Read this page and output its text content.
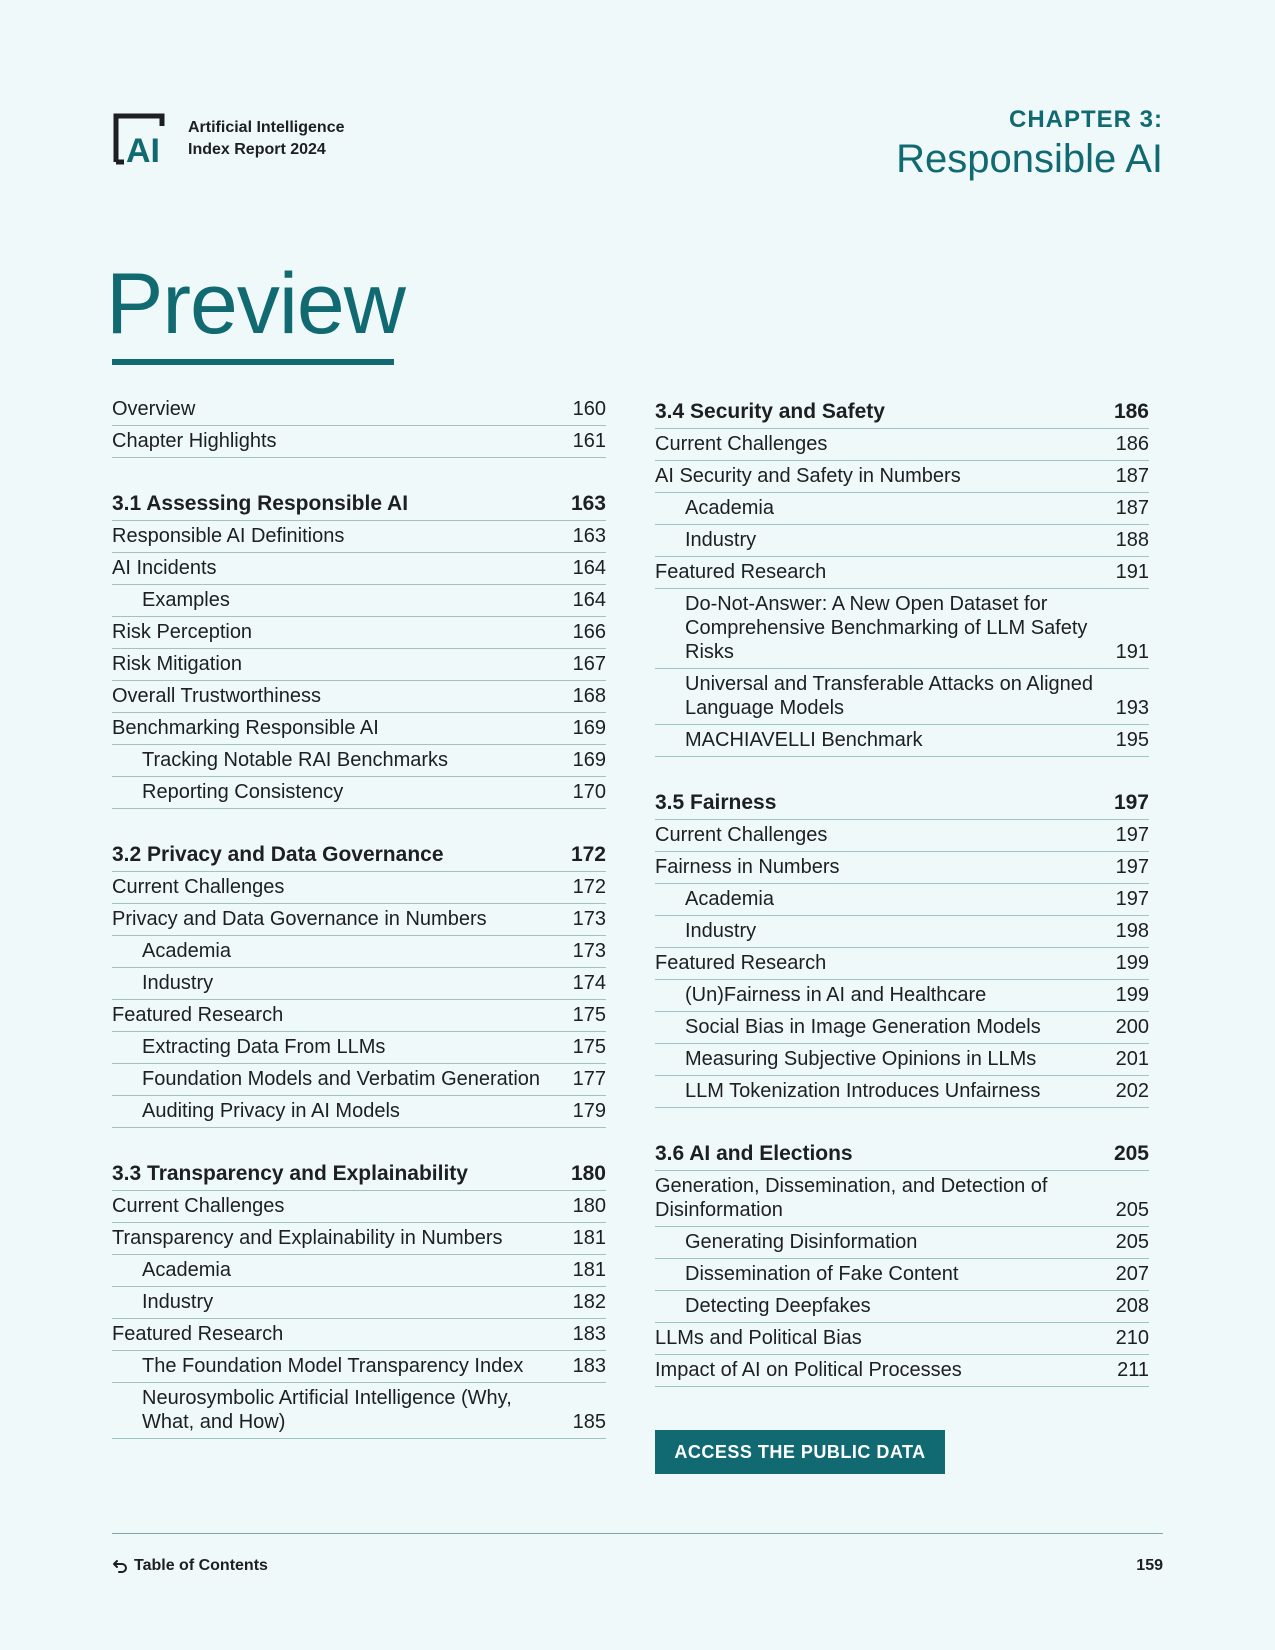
AI
Artificial Intelligence
Index Report 2024
CHAPTER 3:
Responsible AI
Preview
Overview	160
Chapter Highlights	161
3.1 Assessing Responsible AI	163
Responsible AI Definitions	163
AI Incidents	164
Examples	164
Risk Perception	166
Risk Mitigation	167
Overall Trustworthiness	168
Benchmarking Responsible AI	169
Tracking Notable RAI Benchmarks	169
Reporting Consistency	170
3.2 Privacy and Data Governance	172
Current Challenges	172
Privacy and Data Governance in Numbers	173
Academia	173
Industry	174
Featured Research	175
Extracting Data From LLMs	175
Foundation Models and Verbatim Generation	177
Auditing Privacy in AI Models	179
3.3 Transparency and Explainability	180
Current Challenges	180
Transparency and Explainability in Numbers	181
Academia	181
Industry	182
Featured Research	183
The Foundation Model Transparency Index	183
Neurosymbolic Artificial Intelligence (Why, What, and How)	185
3.4 Security and Safety	186
Current Challenges	186
AI Security and Safety in Numbers	187
Academia	187
Industry	188
Featured Research	191
Do-Not-Answer: A New Open Dataset for Comprehensive Benchmarking of LLM Safety Risks	191
Universal and Transferable Attacks on Aligned Language Models	193
MACHIAVELLI Benchmark	195
3.5 Fairness	197
Current Challenges	197
Fairness in Numbers	197
Academia	197
Industry	198
Featured Research	199
(Un)Fairness in AI and Healthcare	199
Social Bias in Image Generation Models	200
Measuring Subjective Opinions in LLMs	201
LLM Tokenization Introduces Unfairness	202
3.6 AI and Elections	205
Generation, Dissemination, and Detection of Disinformation	205
Generating Disinformation	205
Dissemination of Fake Content	207
Detecting Deepfakes	208
LLMs and Political Bias	210
Impact of AI on Political Processes	211
ACCESS THE PUBLIC DATA
Table of Contents	159
